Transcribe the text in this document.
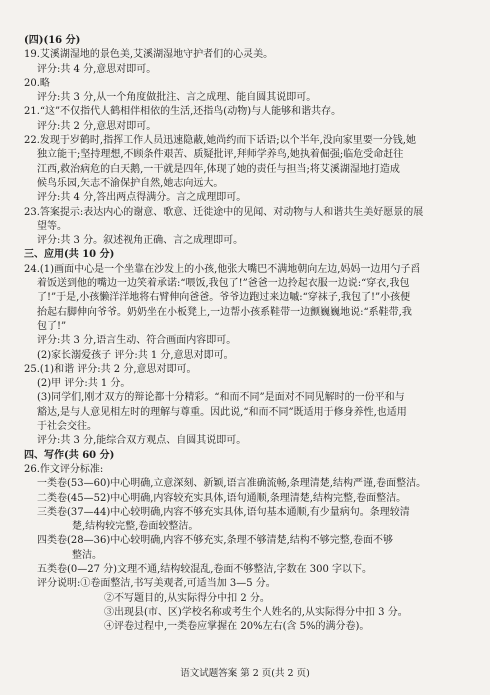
(四)(16 分)
19.艾溪湖湿地的景色美,艾溪湖湿地守护者们的心灵美。
评分:共 4 分,意思对即可。
20.略
评分:共 3 分,从一个角度做批注、言之成理、能自圆其说即可。
21.“这”不仅指代人鹤相伴相依的生活,还指鸟(动物)与人能够和谐共存。
评分:共 2 分,意思对即可。
22.发现于岁鹤时,指挥工作人员迅速隐蔽,她尚约而下话语;以个半年,没向家里要一分钱,她
独立能干;坚持理想,不顾条件艰苦、质疑批评,拜师学养鸟,她执着倔强;临危受命赶往
江西,救治病危的白天鹅,一干就是四年,体现了她的责任与担当;将艾溪湖湿地打造成
候鸟乐园,矢志不渝保护自然,她志向远大。
评分:共 4 分,答出两点得满分。言之成理即可。
23.答案提示:表达内心的谢意、歌意、迁徙途中的见闻、对动物与人和谐共生美好愿景的展
望等。
评分:共 3 分。叙述视角正确、言之成理即可。
三、应用(共 10 分)
24.(1)画面中心是一个坐靠在沙发上的小孩,他张大嘴巴不满地朝向左边,妈妈一边用勺子舀
着饭送到他的嘴边一边笑着承诺:“喂饭,我包了!”爸爸一边拎起衣服一边说:“穿衣,我包
了!”于是,小孩懒洋洋地将右臂伸向爸爸。爷爷边跑过来边嘁:“穿袜子,我包了!”小孩便
抬起右脚伸向爷爷。奶奶坐在小板凳上,一边帮小孩系鞋带一边颤巍巍地说:“系鞋带,我
包了!”
评分:共 3 分,语言生动、符合画面内容即可。
(2)家长溺爱孩子 评分:共 1 分,意思对即可。
25.(1)和谐 评分:共 2 分,意思对即可。
(2)甲 评分:共 1 分。
(3)同学们,刚才双方的辩论都十分精彩。“和而不同”是面对不同见解时的一份平和与
豁达,是与人意见相左时的理解与尊重。因此说,“和而不同”既适用于修身养性,也适用
于社会交往。
评分:共 3 分,能综合双方观点、自圆其说即可。
四、写作(共 60 分)
26.作文评分标准:
一类卷(53—60)中心明确,立意深刻、新颖,语言准确流畅,条理清楚,结构严谨,卷面整洁。
二类卷(45—52)中心明确,内容较充实具体,语句通顺,条理清楚,结构完整,卷面整洁。
三类卷(37—44)中心较明确,内容不够充实具体,语句基本通顺,有少量病句。条理较清
楚,结构较完整,卷面较整洁。
四类卷(28—36)中心较明确,内容不够充实,条理不够清楚,结构不够完整,卷面不够
整洁。
五类卷(0—27 分)文理不通,结构较混乱,卷面不够整洁,字数在 300 字以下。
评分说明:①卷面整洁,书写美观者,可适当加 3—5 分。
②不写题目的,从实际得分中扣 2 分。
③出现县(市、区)学校名称或考生个人姓名的,从实际得分中扣 3 分。
④评卷过程中,一类卷应掌握在 20%左右(含 5%的满分卷)。
语文试题答案 第 2 页(共 2 页)
